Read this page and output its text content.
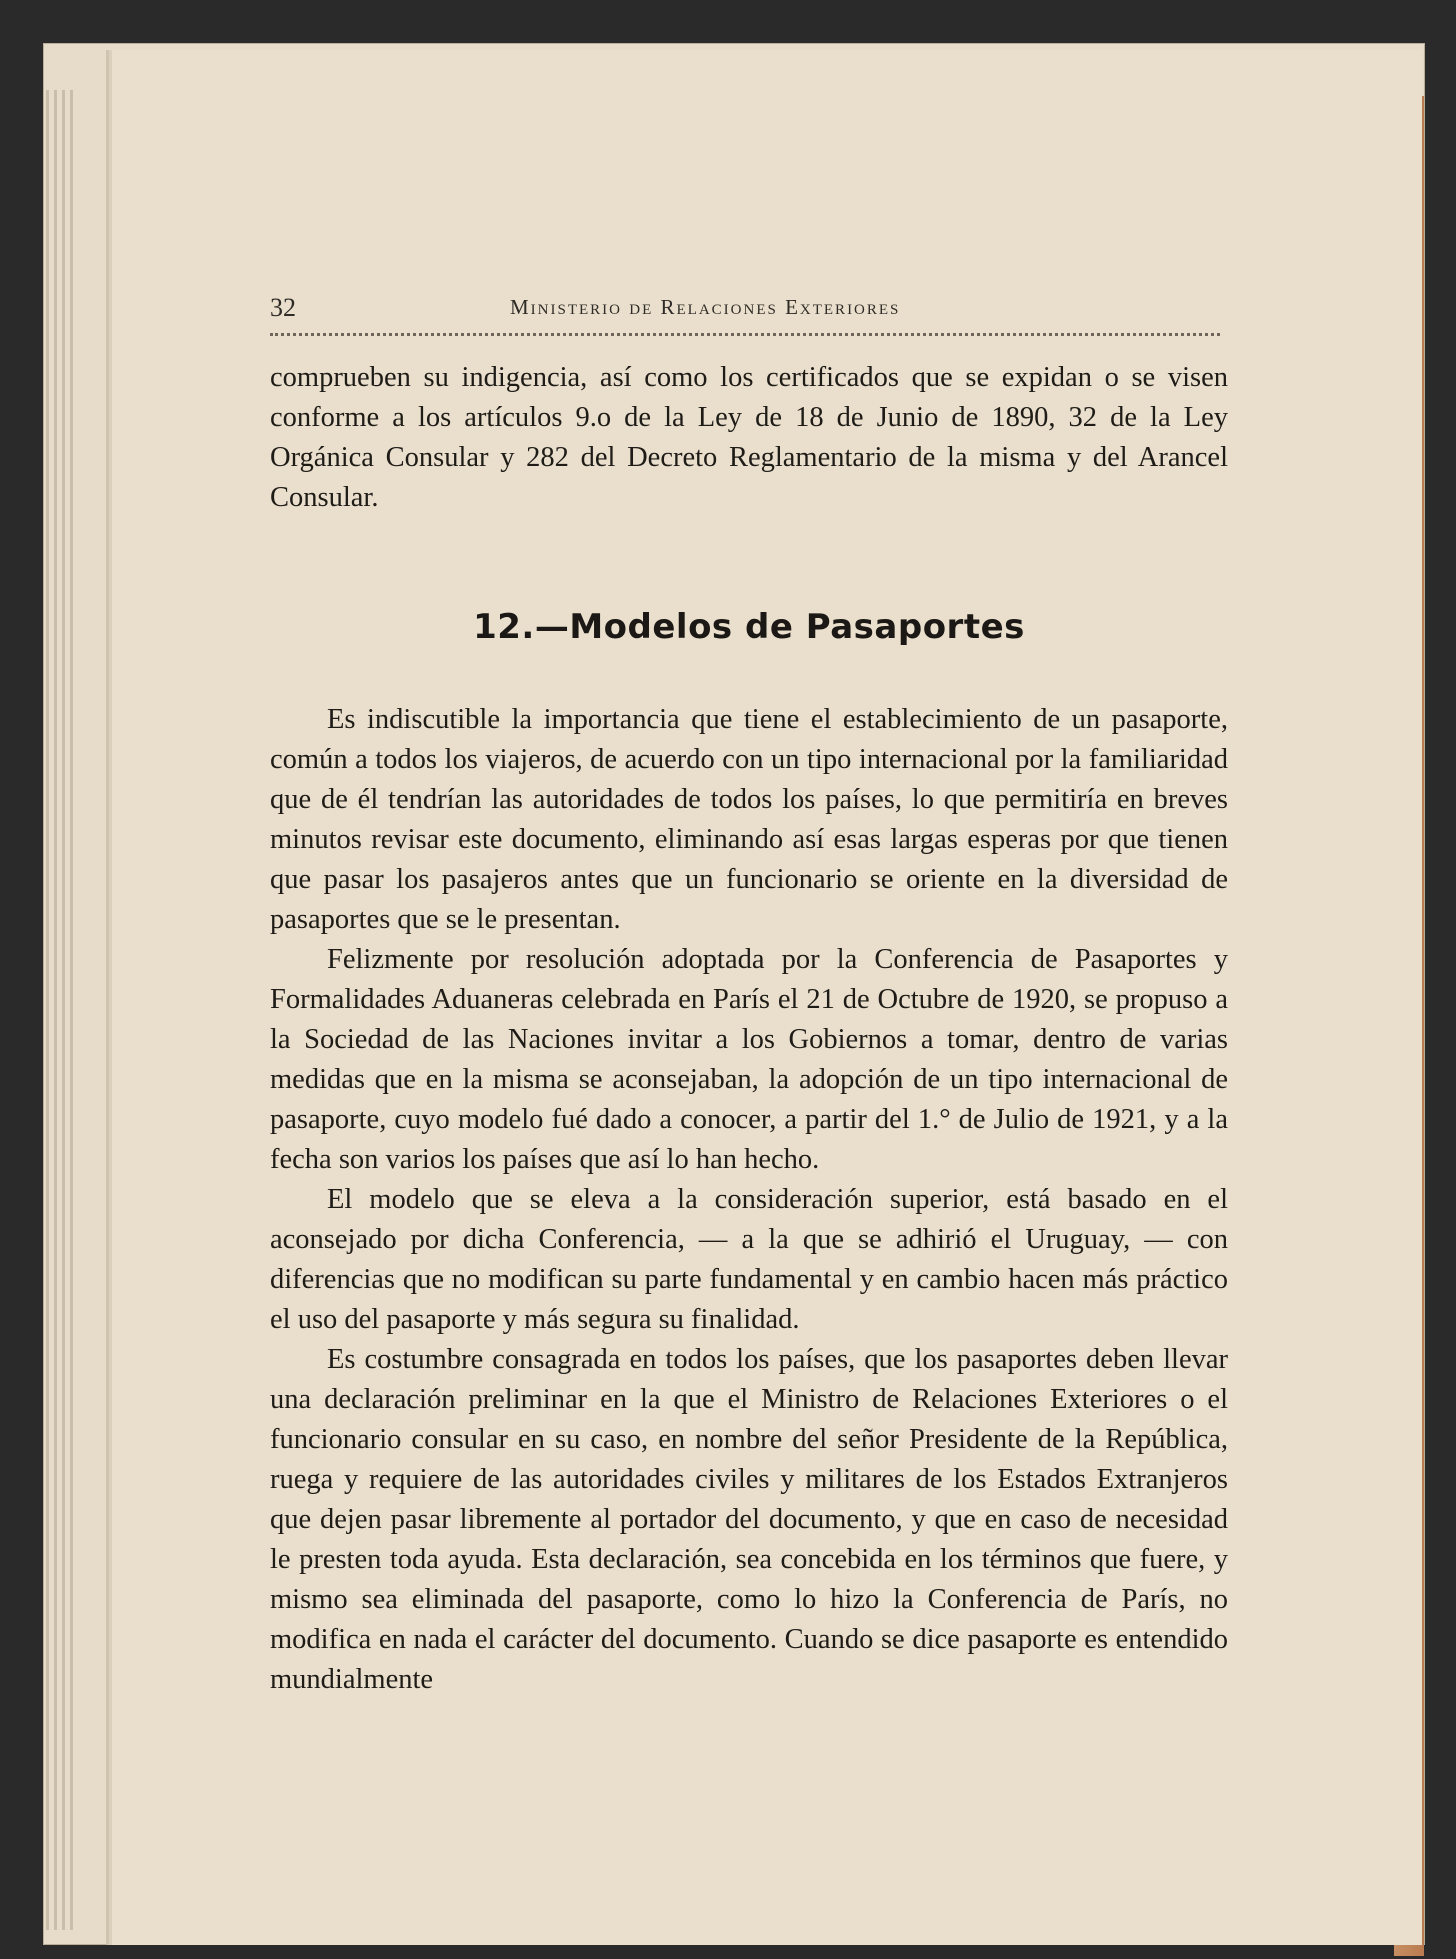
32	Ministerio de Relaciones Exteriores

comprueben su indigencia, así como los certificados que se expidan o se visen conforme a los artículos 9.o de la Ley de 18 de Junio de 1890, 32 de la Ley Orgánica Consular y 282 del Decreto Reglamentario de la misma y del Arancel Consular.

12.—Modelos de Pasaportes

Es indiscutible la importancia que tiene el establecimiento de un pasaporte, común a todos los viajeros, de acuerdo con un tipo internacional por la familiaridad que de él tendrían las autoridades de todos los países, lo que permitiría en breves minutos revisar este documento, eliminando así esas largas esperas por que tienen que pasar los pasajeros antes que un funcionario se oriente en la diversidad de pasaportes que se le presentan.

Felizmente por resolución adoptada por la Conferencia de Pasaportes y Formalidades Aduaneras celebrada en París el 21 de Octubre de 1920, se propuso a la Sociedad de las Naciones invitar a los Gobiernos a tomar, dentro de varias medidas que en la misma se aconsejaban, la adopción de un tipo internacional de pasaporte, cuyo modelo fué dado a conocer, a partir del 1.° de Julio de 1921, y a la fecha son varios los países que así lo han hecho.

El modelo que se eleva a la consideración superior, está basado en el aconsejado por dicha Conferencia, — a la que se adhirió el Uruguay, — con diferencias que no modifican su parte fundamental y en cambio hacen más práctico el uso del pasaporte y más segura su finalidad.

Es costumbre consagrada en todos los países, que los pasaportes deben llevar una declaración preliminar en la que el Ministro de Relaciones Exteriores o el funcionario consular en su caso, en nombre del señor Presidente de la República, ruega y requiere de las autoridades civiles y militares de los Estados Extranjeros que dejen pasar libremente al portador del documento, y que en caso de necesidad le presten toda ayuda. Esta declaración, sea concebida en los términos que fuere, y mismo sea eliminada del pasaporte, como lo hizo la Conferencia de París, no modifica en nada el carácter del documento. Cuando se dice pasaporte es entendido mundialmente
